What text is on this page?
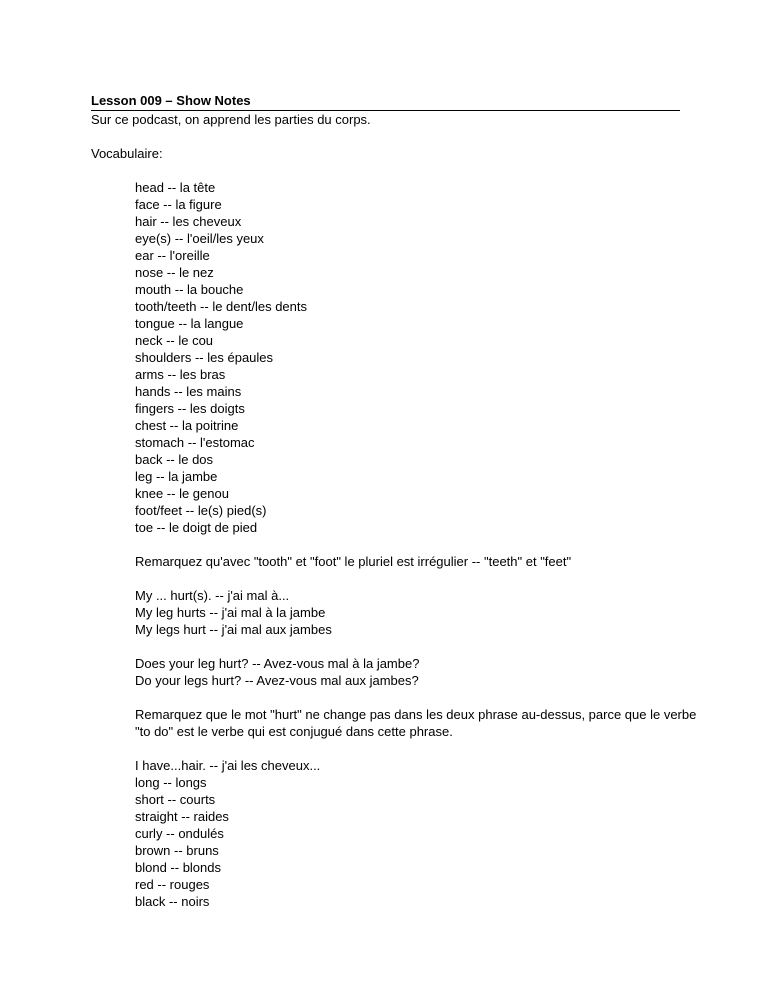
Lesson 009 – Show Notes
Sur ce podcast, on apprend les parties du corps.
Vocabulaire:
head -- la tête
face -- la figure
hair -- les cheveux
eye(s) -- l'oeil/les yeux
ear -- l'oreille
nose -- le nez
mouth -- la bouche
tooth/teeth -- le dent/les dents
tongue -- la langue
neck -- le cou
shoulders -- les épaules
arms -- les bras
hands -- les mains
fingers -- les doigts
chest -- la poitrine
stomach -- l'estomac
back -- le dos
leg -- la jambe
knee -- le genou
foot/feet -- le(s) pied(s)
toe -- le doigt de pied
Remarquez qu'avec "tooth" et "foot" le pluriel est irrégulier -- "teeth" et "feet"
My ... hurt(s). -- j'ai mal à...
My leg hurts -- j'ai mal à la jambe
My legs hurt -- j'ai mal aux jambes
Does your leg hurt? -- Avez-vous mal à la jambe?
Do your legs hurt? -- Avez-vous mal aux jambes?
Remarquez que le mot "hurt" ne change pas dans les deux phrase au-dessus, parce que le verbe
"to do" est le verbe qui est conjugué dans cette phrase.
I have...hair. -- j'ai les cheveux...
long -- longs
short -- courts
straight -- raides
curly -- ondulés
brown -- bruns
blond -- blonds
red -- rouges
black -- noirs
